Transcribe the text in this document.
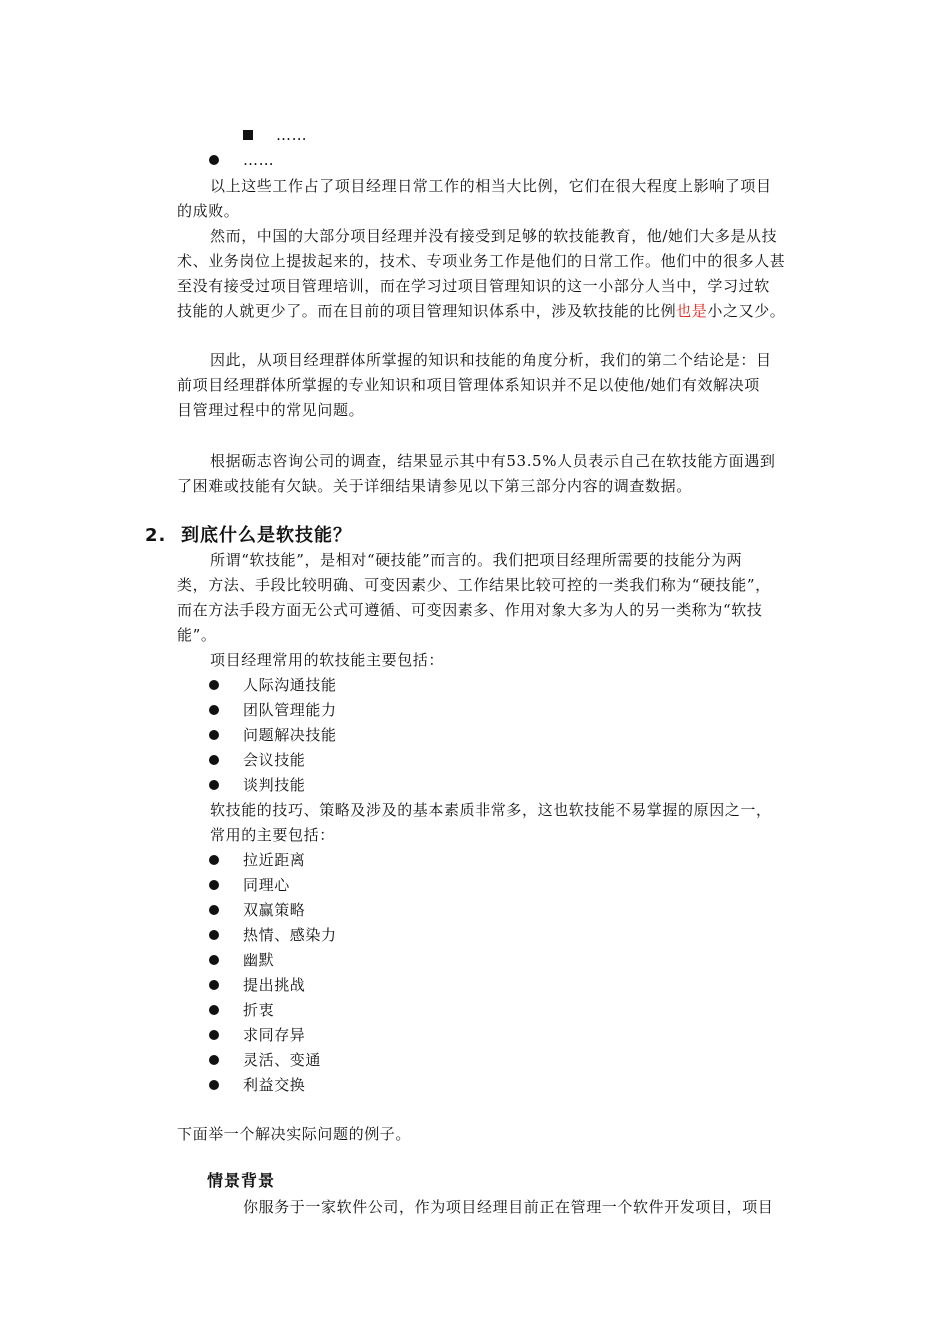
……
……
以上这些工作占了项目经理日常工作的相当大比例，它们在很大程度上影响了项目
的成败。
然而，中国的大部分项目经理并没有接受到足够的软技能教育，他/她们大多是从技
术、业务岗位上提拔起来的，技术、专项业务工作是他们的日常工作。他们中的很多人甚
至没有接受过项目管理培训，而在学习过项目管理知识的这一小部分人当中，学习过软
技能的人就更少了。而在目前的项目管理知识体系中，涉及软技能的比例也是小之又少。
因此，从项目经理群体所掌握的知识和技能的角度分析，我们的第二个结论是：目
前项目经理群体所掌握的专业知识和项目管理体系知识并不足以使他/她们有效解决项
目管理过程中的常见问题。
根据砺志咨询公司的调查，结果显示其中有53.5%人员表示自己在软技能方面遇到
了困难或技能有欠缺。关于详细结果请参见以下第三部分内容的调查数据。
2. 到底什么是软技能？
所谓“软技能”，是相对“硬技能”而言的。我们把项目经理所需要的技能分为两
类，方法、手段比较明确、可变因素少、工作结果比较可控的一类我们称为“硬技能”，
而在方法手段方面无公式可遵循、可变因素多、作用对象大多为人的另一类称为“软技
能”。
项目经理常用的软技能主要包括：
人际沟通技能
团队管理能力
问题解决技能
会议技能
谈判技能
软技能的技巧、策略及涉及的基本素质非常多，这也软技能不易掌握的原因之一，
常用的主要包括：
拉近距离
同理心
双赢策略
热情、感染力
幽默
提出挑战
折衷
求同存异
灵活、变通
利益交换
下面举一个解决实际问题的例子。
情景背景
你服务于一家软件公司，作为项目经理目前正在管理一个软件开发项目，项目
